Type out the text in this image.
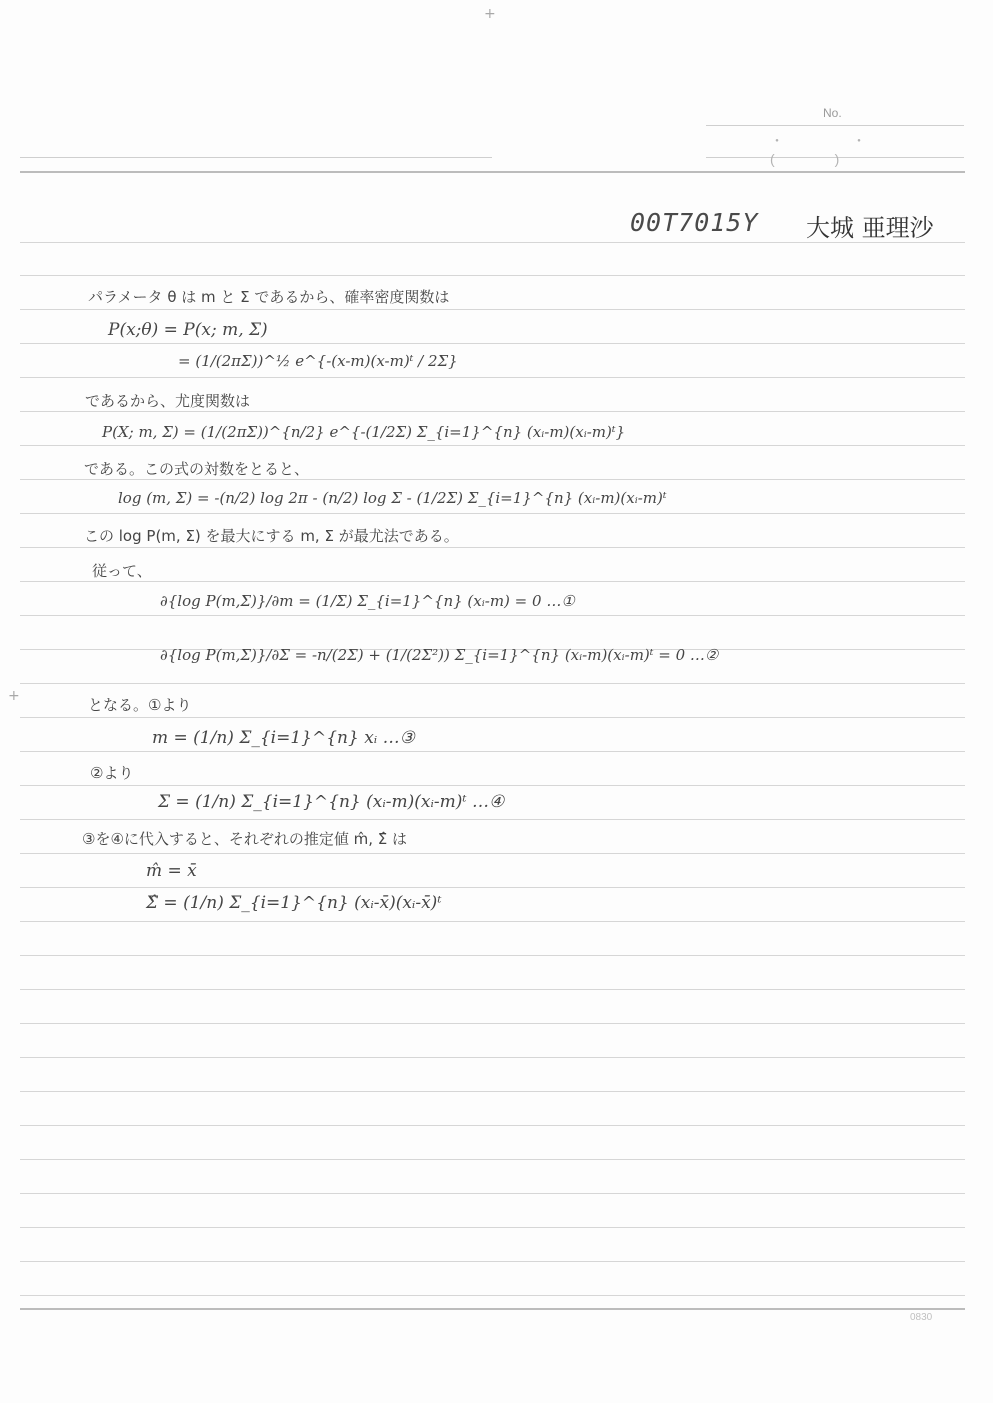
+
+
No.
・	・(	)
00T7015Y 大城 亜理沙
パラメータ θ は m と Σ であるから、確率密度関数は
P(x;θ) = P(x; m, Σ)
= (1/(2πΣ))^½ e^{-(x-m)(x-m)ᵗ / 2Σ}
であるから、尤度関数は
P(X; m, Σ) = (1/(2πΣ))^{n/2} e^{-(1/2Σ) Σ_{i=1}^{n} (xᵢ-m)(xᵢ-m)ᵗ}
である。この式の対数をとると、
log (m, Σ) = -(n/2) log 2π - (n/2) log Σ - (1/2Σ) Σ_{i=1}^{n} (xᵢ-m)(xᵢ-m)ᵗ
この log P(m, Σ) を最大にする m, Σ が最尤法である。
従って、
∂{log P(m,Σ)}/∂m = (1/Σ) Σ_{i=1}^{n} (xᵢ-m) = 0 …①
∂{log P(m,Σ)}/∂Σ = -n/(2Σ) + (1/(2Σ²)) Σ_{i=1}^{n} (xᵢ-m)(xᵢ-m)ᵗ = 0 …②
となる。①より
m = (1/n) Σ_{i=1}^{n} xᵢ …③
②より
Σ = (1/n) Σ_{i=1}^{n} (xᵢ-m)(xᵢ-m)ᵗ …④
③を④に代入すると、それぞれの推定値 m̂, Σ̂ は
m̂ = x̄
Σ̂ = (1/n) Σ_{i=1}^{n} (xᵢ-x̄)(xᵢ-x̄)ᵗ
0830
